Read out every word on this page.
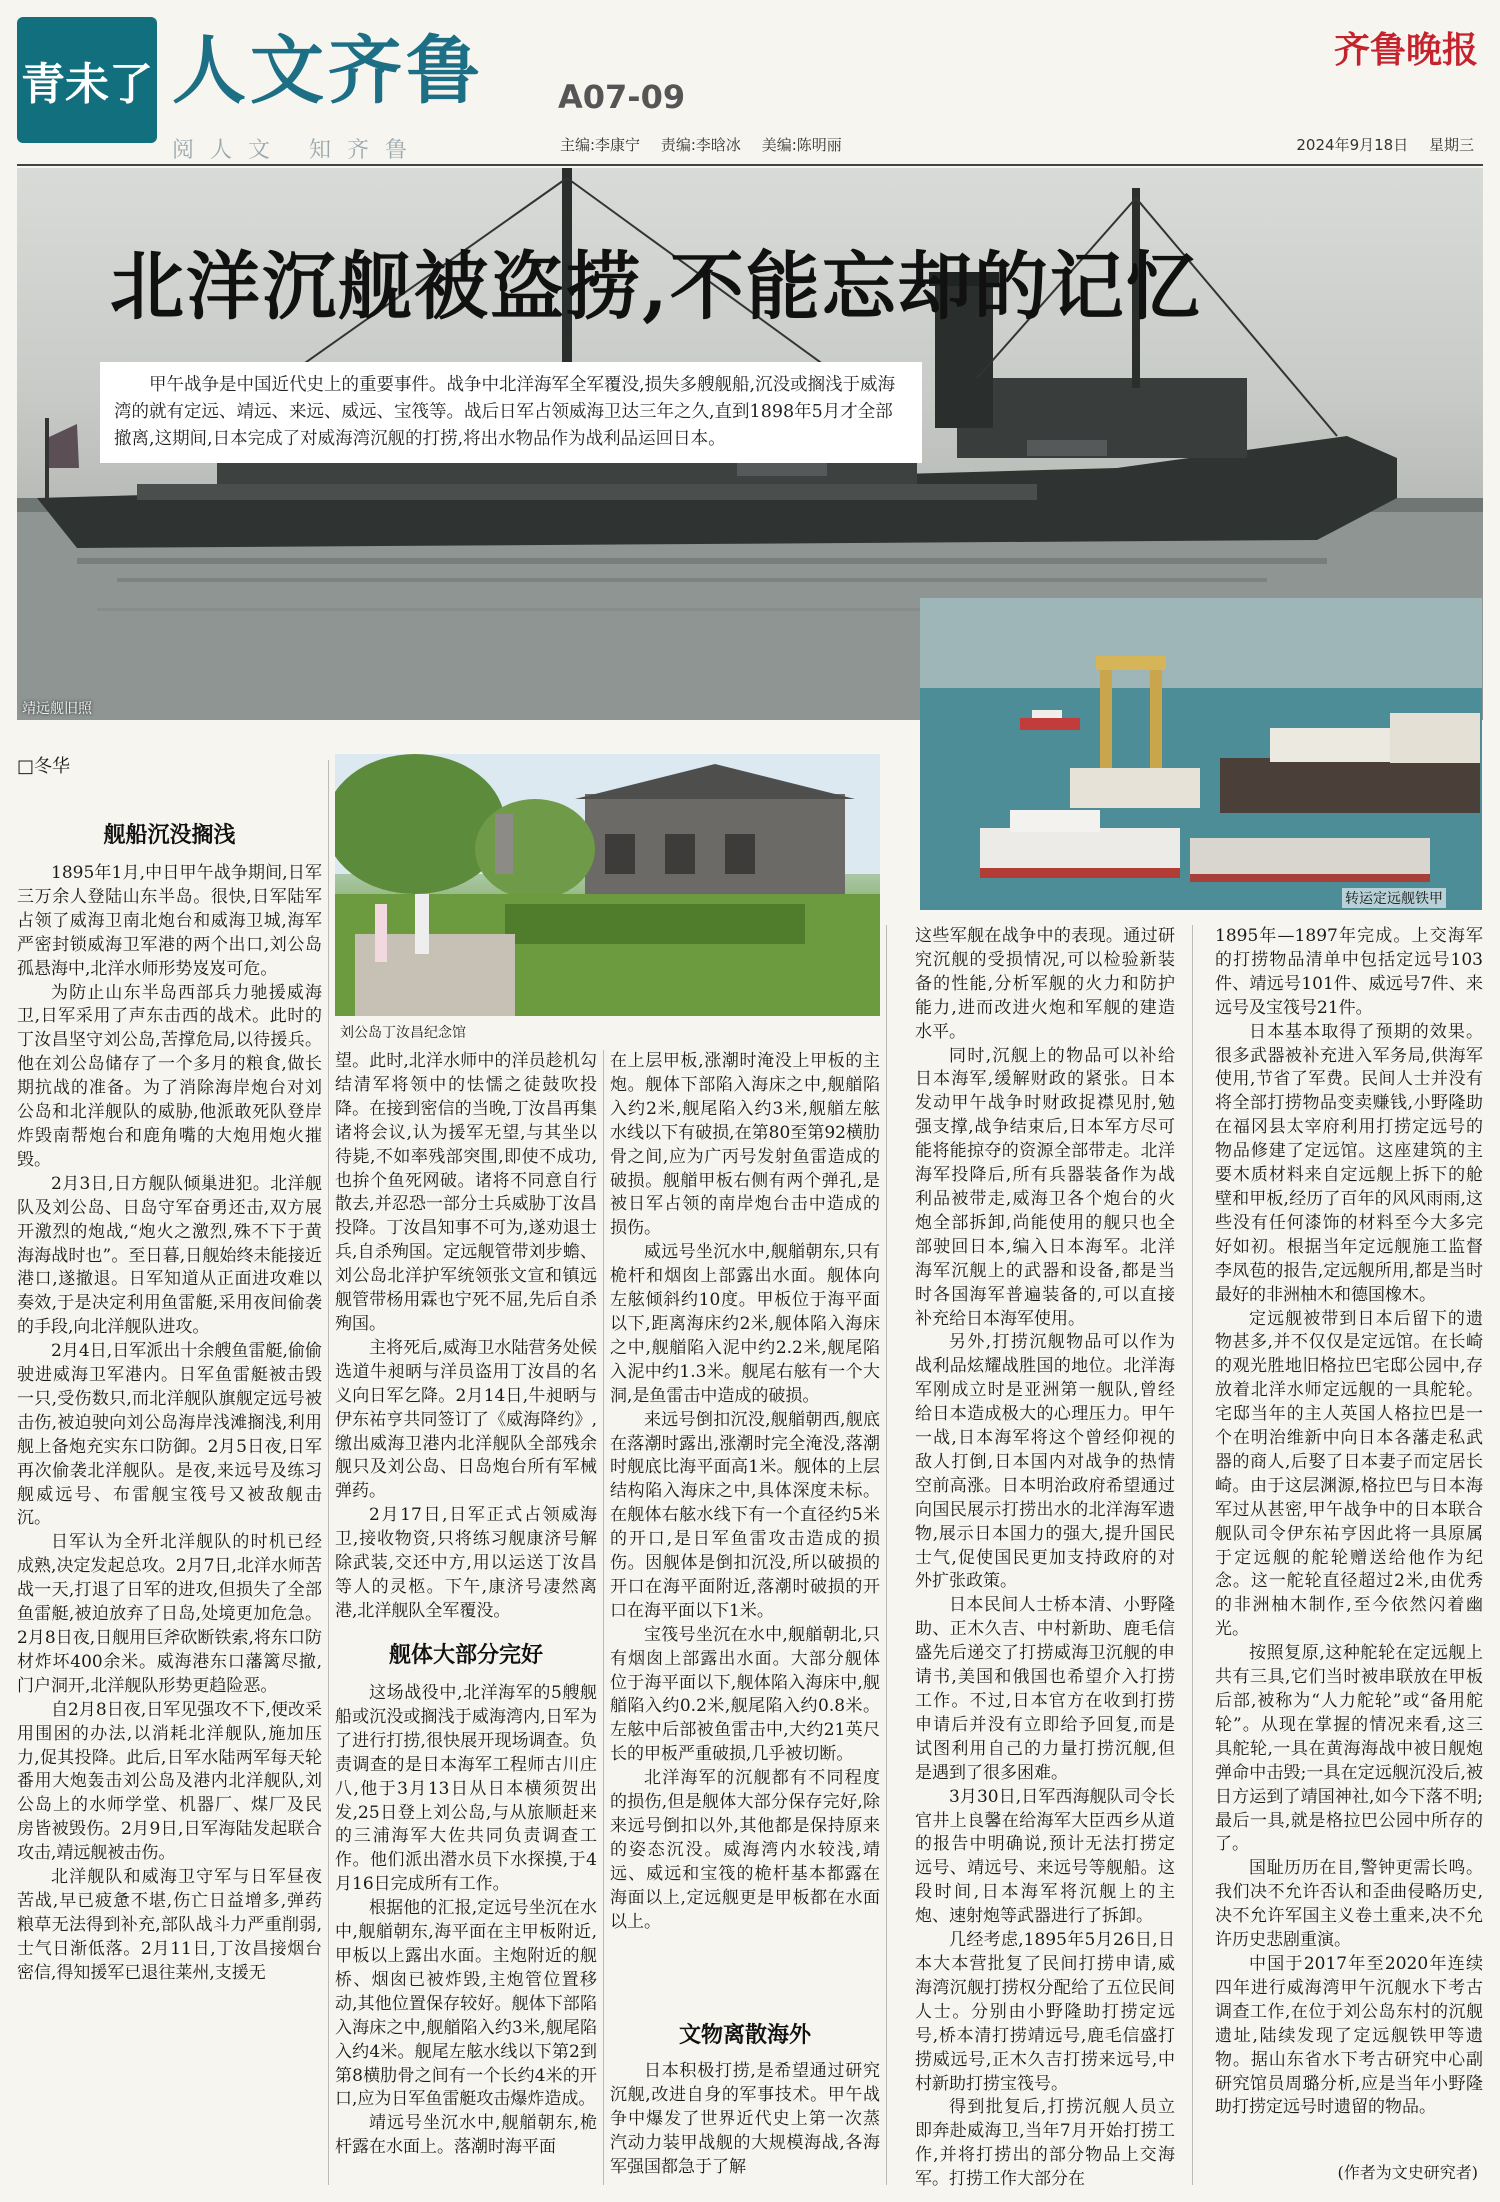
青未了 人文齐鲁 A07-09
阅人文 知齐鲁	主编:李康宁 责编:李晗冰 美编:陈明丽
齐鲁晚报
2024年9月18日 星期三
北洋沉舰被盗捞,不能忘却的记忆
甲午战争是中国近代史上的重要事件。战争中北洋海军全军覆没,损失多艘舰船,沉没或搁浅于威海湾的就有定远、靖远、来远、威远、宝筏等。战后日军占领威海卫达三年之久,直到1898年5月才全部撤离,这期间,日本完成了对威海湾沉舰的打捞,将出水物品作为战利品运回日本。
靖远舰旧照
转运定远舰铁甲
□冬华
刘公岛丁汝昌纪念馆
舰船沉没搁浅

1895年1月,中日甲午战争期间,日军三万余人登陆山东半岛。很快,日军陆军占领了威海卫南北炮台和威海卫城,海军严密封锁威海卫军港的两个出口,刘公岛孤悬海中,北洋水师形势岌岌可危。

为防止山东半岛西部兵力驰援威海卫,日军采用了声东击西的战术。此时的丁汝昌坚守刘公岛,苦撑危局,以待援兵。他在刘公岛储存了一个多月的粮食,做长期抗战的准备。为了消除海岸炮台对刘公岛和北洋舰队的威胁,他派敢死队登岸炸毁南帮炮台和鹿角嘴的大炮用炮火摧毁。

2月3日,日方舰队倾巢进犯。北洋舰队及刘公岛、日岛守军奋勇还击,双方展开激烈的炮战,“炮火之激烈,殊不下于黄海海战时也”。至日暮,日舰始终未能接近港口,遂撤退。日军知道从正面进攻难以奏效,于是决定利用鱼雷艇,采用夜间偷袭的手段,向北洋舰队进攻。

2月4日,日军派出十余艘鱼雷艇,偷偷驶进威海卫军港内。日军鱼雷艇被击毁一只,受伤数只,而北洋舰队旗舰定远号被击伤,被迫驶向刘公岛海岸浅滩搁浅,利用舰上备炮充实东口防御。2月5日夜,日军再次偷袭北洋舰队。是夜,来远号及练习舰威远号、布雷舰宝筏号又被敌舰击沉。

日军认为全歼北洋舰队的时机已经成熟,决定发起总攻。2月7日,北洋水师苦战一天,打退了日军的进攻,但损失了全部鱼雷艇,被迫放弃了日岛,处境更加危急。2月8日夜,日舰用巨斧砍断铁索,将东口防材炸坏400余米。威海港东口藩篱尽撤,门户洞开,北洋舰队形势更趋险恶。

自2月8日夜,日军见强攻不下,便改采用围困的办法,以消耗北洋舰队,施加压力,促其投降。此后,日军水陆两军每天轮番用大炮轰击刘公岛及港内北洋舰队,刘公岛上的水师学堂、机器厂、煤厂及民房皆被毁伤。2月9日,日军海陆发起联合攻击,靖远舰被击伤。

北洋舰队和威海卫守军与日军昼夜苦战,早已疲惫不堪,伤亡日益增多,弹药粮草无法得到补充,部队战斗力严重削弱,士气日渐低落。2月11日,丁汝昌接烟台密信,得知援军已退往莱州,支援无

望。此时,北洋水师中的洋员趁机勾结清军将领中的怯懦之徒鼓吹投降。在接到密信的当晚,丁汝昌再集诸将会议,认为援军无望,与其坐以待毙,不如率残部突围,即使不成功,也拚个鱼死网破。诸将不同意自行散去,并忍恐一部分士兵威胁丁汝昌投降。丁汝昌知事不可为,遂劝退士兵,自杀殉国。定远舰管带刘步蟾、刘公岛北洋护军统领张文宣和镇远舰管带杨用霖也宁死不屈,先后自杀殉国。

主将死后,威海卫水陆营务处候选道牛昶昞与洋员盗用丁汝昌的名义向日军乞降。2月14日,牛昶昞与伊东祐亨共同签订了《威海降约》,缴出威海卫港内北洋舰队全部残余舰只及刘公岛、日岛炮台所有军械弹药。

2月17日,日军正式占领威海卫,接收物资,只将练习舰康济号解除武装,交还中方,用以运送丁汝昌等人的灵柩。下午,康济号凄然离港,北洋舰队全军覆没。

舰体大部分完好

这场战役中,北洋海军的5艘舰船或沉没或搁浅于威海湾内,日军为了进行打捞,很快展开现场调查。负责调查的是日本海军工程师古川庄八,他于3月13日从日本横须贺出发,25日登上刘公岛,与从旅顺赶来的三浦海军大佐共同负责调查工作。他们派出潜水员下水探摸,于4月16日完成所有工作。

根据他的汇报,定远号坐沉在水中,舰艏朝东,海平面在主甲板附近,甲板以上露出水面。主炮附近的舰桥、烟囱已被炸毁,主炮管位置移动,其他位置保存较好。舰体下部陷入海床之中,舰艏陷入约3米,舰尾陷入约4米。舰尾左舷水线以下第2到第8横肋骨之间有一个长约4米的开口,应为日军鱼雷艇攻击爆炸造成。

靖远号坐沉水中,舰艏朝东,桅杆露在水面上。落潮时海平面

在上层甲板,涨潮时淹没上甲板的主炮。舰体下部陷入海床之中,舰艏陷入约2米,舰尾陷入约3米,舰艏左舷水线以下有破损,在第80至第92横肋骨之间,应为广丙号发射鱼雷造成的破损。舰艏甲板右侧有两个弹孔,是被日军占领的南岸炮台击中造成的损伤。

威远号坐沉水中,舰艏朝东,只有桅杆和烟囱上部露出水面。舰体向左舷倾斜约10度。甲板位于海平面以下,距离海床约2米,舰体陷入海床之中,舰艏陷入泥中约2.2米,舰尾陷入泥中约1.3米。舰尾右舷有一个大洞,是鱼雷击中造成的破损。

来远号倒扣沉没,舰艏朝西,舰底在落潮时露出,涨潮时完全淹没,落潮时舰底比海平面高1米。舰体的上层结构陷入海床之中,具体深度未标。在舰体右舷水线下有一个直径约5米的开口,是日军鱼雷攻击造成的损伤。因舰体是倒扣沉没,所以破损的开口在海平面附近,落潮时破损的开口在海平面以下1米。

宝筏号坐沉在水中,舰艏朝北,只有烟囱上部露出水面。大部分舰体位于海平面以下,舰体陷入海床中,舰艏陷入约0.2米,舰尾陷入约0.8米。左舷中后部被鱼雷击中,大约21英尺长的甲板严重破损,几乎被切断。

北洋海军的沉舰都有不同程度的损伤,但是舰体大部分保存完好,除来远号倒扣以外,其他都是保持原来的姿态沉没。威海湾内水较浅,靖远、威远和宝筏的桅杆基本都露在海面以上,定远舰更是甲板都在水面以上。

文物离散海外

日本积极打捞,是希望通过研究沉舰,改进自身的军事技术。甲午战争中爆发了世界近代史上第一次蒸汽动力装甲战舰的大规模海战,各海军强国都急于了解

这些军舰在战争中的表现。通过研究沉舰的受损情况,可以检验新装备的性能,分析军舰的火力和防护能力,进而改进火炮和军舰的建造水平。

同时,沉舰上的物品可以补给日本海军,缓解财政的紧张。日本发动甲午战争时财政捉襟见肘,勉强支撑,战争结束后,日本军方尽可能将能掠夺的资源全部带走。北洋海军投降后,所有兵器装备作为战利品被带走,威海卫各个炮台的火炮全部拆卸,尚能使用的舰只也全部驶回日本,编入日本海军。北洋海军沉舰上的武器和设备,都是当时各国海军普遍装备的,可以直接补充给日本海军使用。

另外,打捞沉舰物品可以作为战利品炫耀战胜国的地位。北洋海军刚成立时是亚洲第一舰队,曾经给日本造成极大的心理压力。甲午一战,日本海军将这个曾经仰视的敌人打倒,日本国内对战争的热情空前高涨。日本明治政府希望通过向国民展示打捞出水的北洋海军遗物,展示日本国力的强大,提升国民士气,促使国民更加支持政府的对外扩张政策。

日本民间人士桥本清、小野隆助、正木久吉、中村新助、鹿毛信盛先后递交了打捞威海卫沉舰的申请书,美国和俄国也希望介入打捞工作。不过,日本官方在收到打捞申请后并没有立即给予回复,而是试图利用自己的力量打捞沉舰,但是遇到了很多困难。

3月30日,日军西海舰队司令长官井上良馨在给海军大臣西乡从道的报告中明确说,预计无法打捞定远号、靖远号、来远号等舰船。这段时间,日本海军将沉舰上的主炮、速射炮等武器进行了拆卸。

几经考虑,1895年5月26日,日本大本营批复了民间打捞申请,威海湾沉舰打捞权分配给了五位民间人士。分别由小野隆助打捞定远号,桥本清打捞靖远号,鹿毛信盛打捞威远号,正木久吉打捞来远号,中村新助打捞宝筏号。

得到批复后,打捞沉舰人员立即奔赴威海卫,当年7月开始打捞工作,并将打捞出的部分物品上交海军。打捞工作大部分在

1895年—1897年完成。上交海军的打捞物品清单中包括定远号103件、靖远号101件、威远号7件、来远号及宝筏号21件。

日本基本取得了预期的效果。很多武器被补充进入军务局,供海军使用,节省了军费。民间人士并没有将全部打捞物品变卖赚钱,小野隆助在福冈县太宰府利用打捞定远号的物品修建了定远馆。这座建筑的主要木质材料来自定远舰上拆下的舱壁和甲板,经历了百年的风风雨雨,这些没有任何漆饰的材料至今大多完好如初。根据当年定远舰施工监督李凤苞的报告,定远舰所用,都是当时最好的非洲柚木和德国橡木。

定远舰被带到日本后留下的遗物甚多,并不仅仅是定远馆。在长崎的观光胜地旧格拉巴宅邸公园中,存放着北洋水师定远舰的一具舵轮。宅邸当年的主人英国人格拉巴是一个在明治维新中向日本各藩走私武器的商人,后娶了日本妻子而定居长崎。由于这层渊源,格拉巴与日本海军过从甚密,甲午战争中的日本联合舰队司令伊东祐亨因此将一具原属于定远舰的舵轮赠送给他作为纪念。这一舵轮直径超过2米,由优秀的非洲柚木制作,至今依然闪着幽光。

按照复原,这种舵轮在定远舰上共有三具,它们当时被串联放在甲板后部,被称为“人力舵轮”或“备用舵轮”。从现在掌握的情况来看,这三具舵轮,一具在黄海海战中被日舰炮弹命中击毁;一具在定远舰沉没后,被日方运到了靖国神社,如今下落不明;最后一具,就是格拉巴公园中所存的了。

国耻历历在目,警钟更需长鸣。我们决不允许否认和歪曲侵略历史,决不允许军国主义卷土重来,决不允许历史悲剧重演。

中国于2017年至2020年连续四年进行威海湾甲午沉舰水下考古调查工作,在位于刘公岛东村的沉舰遗址,陆续发现了定远舰铁甲等遗物。据山东省水下考古研究中心副研究馆员周璐分析,应是当年小野隆助打捞定远号时遗留的物品。

(作者为文史研究者)
